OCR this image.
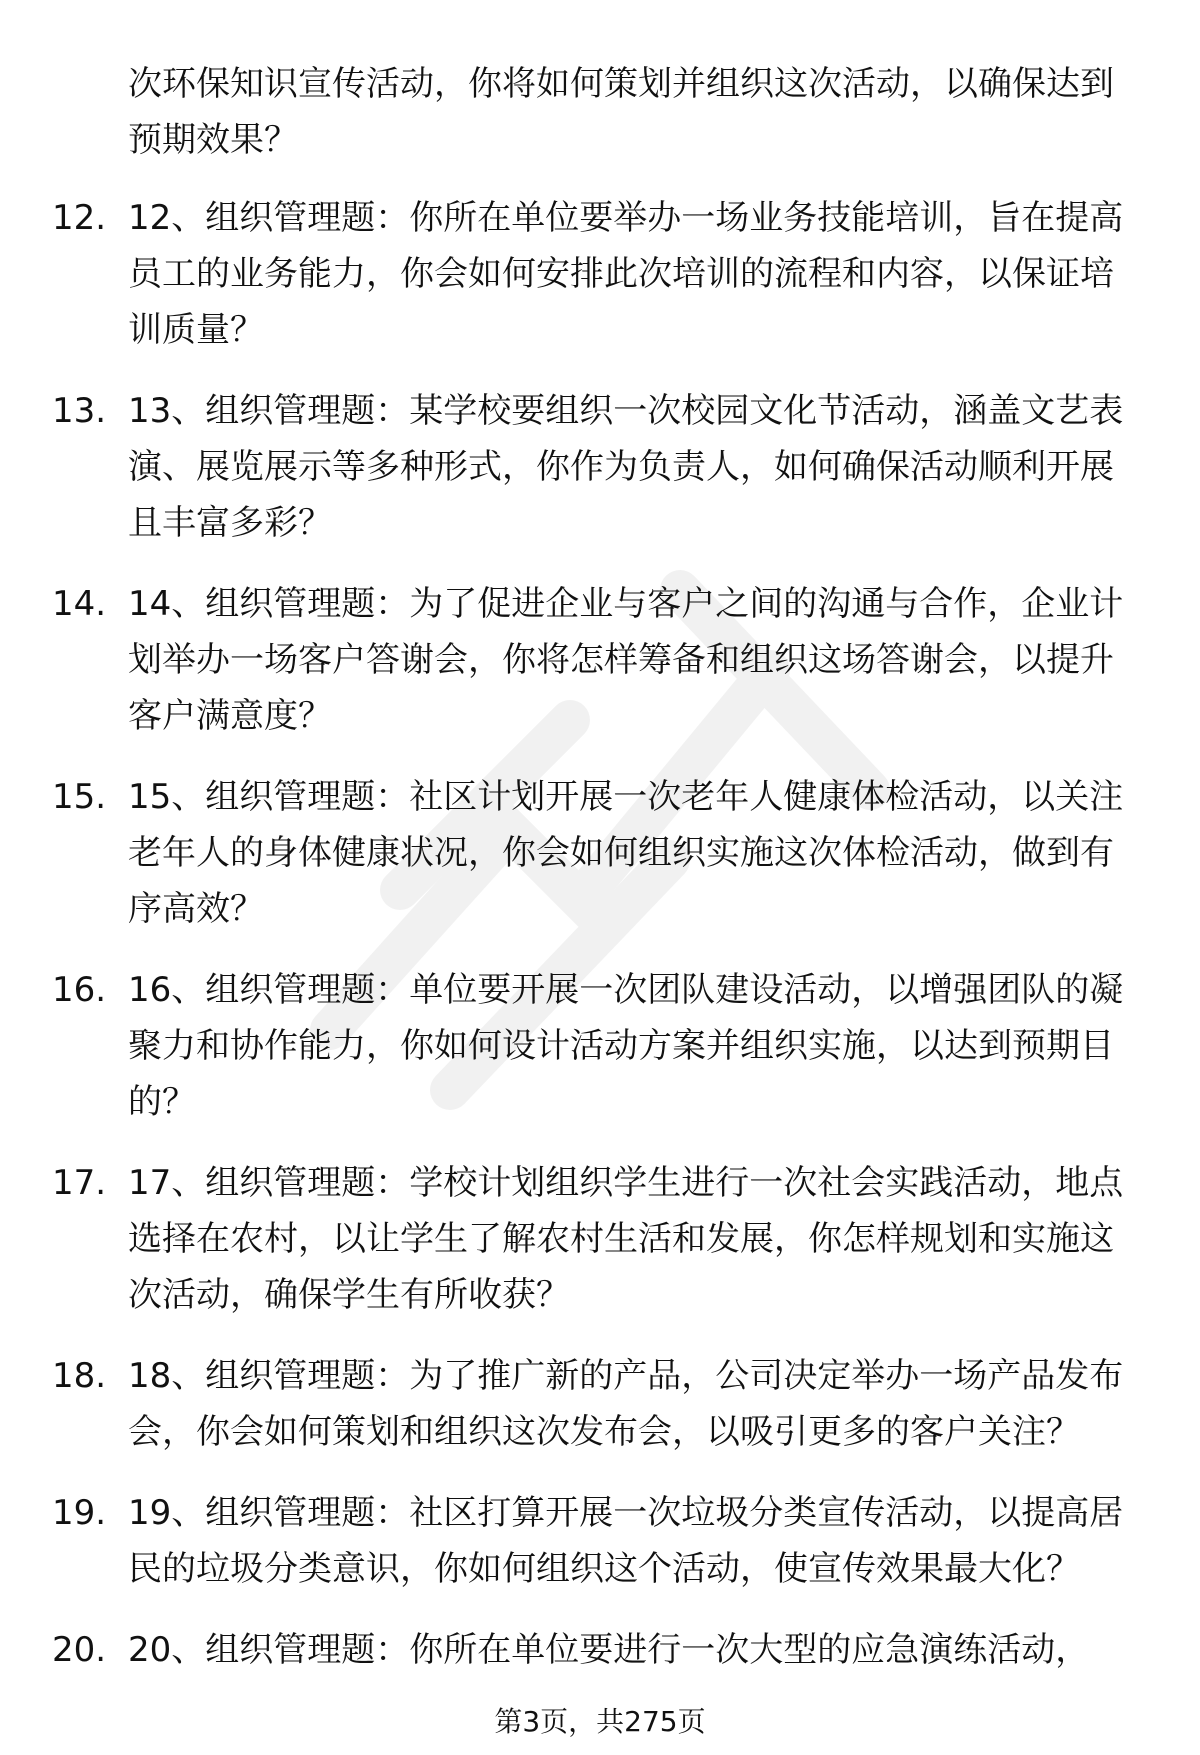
次环保知识宣传活动，你将如何策划并组织这次活动，以确保达到预期效果？
12. 12、组织管理题：你所在单位要举办一场业务技能培训，旨在提高员工的业务能力，你会如何安排此次培训的流程和内容，以保证培训质量？
13. 13、组织管理题：某学校要组织一次校园文化节活动，涵盖文艺表演、展览展示等多种形式，你作为负责人，如何确保活动顺利开展且丰富多彩？
14. 14、组织管理题：为了促进企业与客户之间的沟通与合作，企业计划举办一场客户答谢会，你将怎样筹备和组织这场答谢会，以提升客户满意度？
15. 15、组织管理题：社区计划开展一次老年人健康体检活动，以关注老年人的身体健康状况，你会如何组织实施这次体检活动，做到有序高效？
16. 16、组织管理题：单位要开展一次团队建设活动，以增强团队的凝聚力和协作能力，你如何设计活动方案并组织实施，以达到预期目的？
17. 17、组织管理题：学校计划组织学生进行一次社会实践活动，地点选择在农村，以让学生了解农村生活和发展，你怎样规划和实施这次活动，确保学生有所收获？
18. 18、组织管理题：为了推广新的产品，公司决定举办一场产品发布会，你会如何策划和组织这次发布会，以吸引更多的客户关注？
19. 19、组织管理题：社区打算开展一次垃圾分类宣传活动，以提高居民的垃圾分类意识，你如何组织这个活动，使宣传效果最大化？
20. 20、组织管理题：你所在单位要进行一次大型的应急演练活动，
第3页，共275页
